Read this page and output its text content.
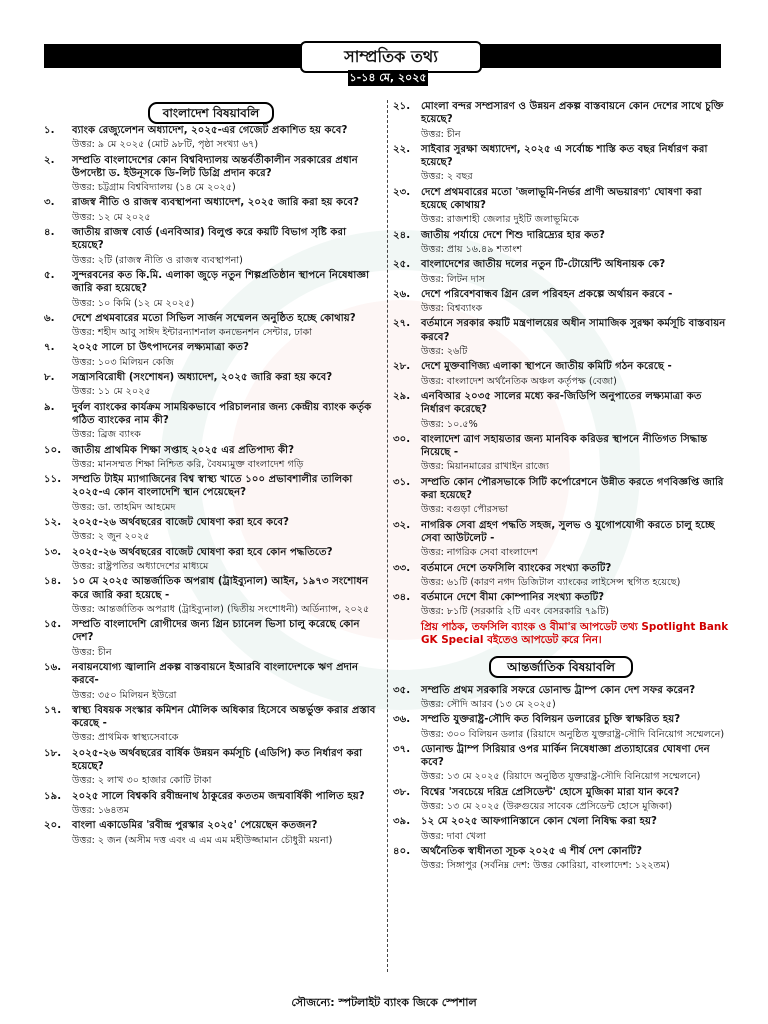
সাম্প্রতিক তথ্য
১-১৪ মে, ২০২৫
বাংলাদেশ বিষয়াবলি
১.	ব্যাংক রেজ্যুলেশন অধ্যাদেশ, ২০২৫-এর গেজেট প্রকাশিত হয় কবে?
উত্তর: ৯ মে ২০২৫ (মোট ৯৮টি, পৃষ্ঠা সংখ্যা ৬৭)
২.	সম্প্রতি বাংলাদেশের কোন বিশ্ববিদ্যালয় অন্তর্বর্তীকালীন সরকারের প্রধান উপদেষ্টা ড. ইউনূসকে ডি-লিট ডিগ্রি প্রদান করে?
উত্তর: চট্টগ্রাম বিশ্ববিদ্যালয় (১৪ মে ২০২৫)
৩.	রাজস্ব নীতি ও রাজস্ব ব্যবস্থাপনা অধ্যাদেশ, ২০২৫ জারি করা হয় কবে?
উত্তর: ১২ মে ২০২৫
৪.	জাতীয় রাজস্ব বোর্ড (এনবিআর) বিলুপ্ত করে কয়টি বিভাগ সৃষ্টি করা হয়েছে?
উত্তর: ২টি (রাজস্ব নীতি ও রাজস্ব ব্যবস্থাপনা)
৫.	সুন্দরবনের কত কি.মি. এলাকা জুড়ে নতুন শিল্পপ্রতিষ্ঠান স্থাপনে নিষেধাজ্ঞা জারি করা হয়েছে?
উত্তর: ১০ কিমি (১২ মে ২০২৫)
৬.	দেশে প্রথমবারের মতো সিভিল সার্জন সম্মেলন অনুষ্ঠিত হচ্ছে কোথায়?
উত্তর: শহীদ আবু সাঈদ ইন্টারন্যাশনাল কনভেনশন সেন্টার, ঢাকা
৭.	২০২৫ সালে চা উৎপাদনের লক্ষ্যমাত্রা কত?
উত্তর: ১০৩ মিলিয়ন কেজি
৮.	সন্ত্রাসবিরোধী (সংশোধন) অধ্যাদেশ, ২০২৫ জারি করা হয় কবে?
উত্তর: ১১ মে ২০২৫
৯.	দুর্বল ব্যাংকের কার্যক্রম সাময়িকভাবে পরিচালনার জন্য কেন্দ্রীয় ব্যাংক কর্তৃক গঠিত ব্যাংকের নাম কী?
উত্তর: ব্রিজ ব্যাংক
১০.	জাতীয় প্রাথমিক শিক্ষা সপ্তাহ ২০২৫ এর প্রতিপাদ্য কী?
উত্তর: মানসম্মত শিক্ষা নিশ্চিত করি, বৈষম্যমুক্ত বাংলাদেশ গড়ি
১১.	সম্প্রতি টাইম ম্যাগাজিনের বিশ্ব স্বাস্থ্য খাতে ১০০ প্রভাবশালীর তালিকা ২০২৫-এ কোন বাংলাদেশি স্থান পেয়েছেন?
উত্তর: ডা. তাহমিদ আহমেদ
১২.	২০২৫-২৬ অর্থবছরের বাজেট ঘোষণা করা হবে কবে?
উত্তর: ২ জুন ২০২৫
১৩.	২০২৫-২৬ অর্থবছরের বাজেট ঘোষণা করা হবে কোন পদ্ধতিতে?
উত্তর: রাষ্ট্রপতির অধ্যাদেশের মাধ্যমে
১৪.	১০ মে ২০২৫ আন্তর্জাতিক অপরাধ (ট্রাইব্যুনাল) আইন, ১৯৭৩ সংশোধন করে জারি করা হয়েছে -
উত্তর: আন্তর্জাতিক অপরাধ (ট্রাইব্যুনাল) (দ্বিতীয় সংশোধনী) অর্ডিন্যান্স, ২০২৫
১৫.	সম্প্রতি বাংলাদেশি রোগীদের জন্য গ্রিন চ্যানেল ভিসা চালু করেছে কোন দেশ?
উত্তর: চীন
১৬.	নবায়নযোগ্য জ্বালানি প্রকল্প বাস্তবায়নে ইআরবি বাংলাদেশকে ঋণ প্রদান করবে-
উত্তর: ৩৫০ মিলিয়ন ইউরো
১৭.	স্বাস্থ্য বিষয়ক সংস্কার কমিশন মৌলিক অধিকার হিসেবে অন্তর্ভুক্ত করার প্রস্তাব করেছে -
উত্তর: প্রাথমিক স্বাস্থ্যসেবাকে
১৮.	২০২৫-২৬ অর্থবছরের বার্ষিক উন্নয়ন কর্মসূচি (এডিপি) কত নির্ধারণ করা হয়েছে?
উত্তর: ২ লাখ ৩০ হাজার কোটি টাকা
১৯.	২০২৫ সালে বিশ্বকবি রবীন্দ্রনাথ ঠাকুরের কততম জন্মবার্ষিকী পালিত হয়?
উত্তর: ১৬৪তম
২০.	বাংলা একাডেমির 'রবীন্দ্র পুরস্কার ২০২৫' পেয়েছেন কতজন?
উত্তর: ২ জন (অসীম দত্ত এবং এ এম এম মহীউজ্জামান চৌধুরী ময়না)
২১.	মোংলা বন্দর সম্প্রসারণ ও উন্নয়ন প্রকল্প বাস্তবায়নে কোন দেশের সাথে চুক্তি হয়েছে?
উত্তর: চীন
২২.	সাইবার সুরক্ষা অধ্যাদেশ, ২০২৫ এ সর্বোচ্চ শাস্তি কত বছর নির্ধারণ করা হয়েছে?
উত্তর: ২ বছর
২৩.	দেশে প্রথমবারের মতো 'জলাভূমি-নির্ভর প্রাণী অভয়ারণ্য' ঘোষণা করা হয়েছে কোথায়?
উত্তর: রাজশাহী জেলার দুইটি জলাভূমিকে
২৪.	জাতীয় পর্যায়ে দেশে শিশু দারিদ্র্যের হার কত?
উত্তর: প্রায় ১৬.৪৯ শতাংশ
২৫.	বাংলাদেশের জাতীয় দলের নতুন টি-টোয়েন্টি অধিনায়ক কে?
উত্তর: লিটন দাস
২৬.	দেশে পরিবেশবান্ধব গ্রিন রেল পরিবহন প্রকল্পে অর্থায়ন করবে -
উত্তর: বিশ্বব্যাংক
২৭.	বর্তমানে সরকার কয়টি মন্ত্রণালয়ের অধীন সামাজিক সুরক্ষা কর্মসূচি বাস্তবায়ন করবে?
উত্তর: ২৬টি
২৮.	দেশে মুক্তবাণিজ্য এলাকা স্থাপনে জাতীয় কমিটি গঠন করেছে -
উত্তর: বাংলাদেশ অর্থনৈতিক অঞ্চল কর্তৃপক্ষ (বেজা)
২৯.	এনবিআর ২০৩৫ সালের মধ্যে কর-জিডিপি অনুপাতের লক্ষ্যমাত্রা কত নির্ধারণ করেছে?
উত্তর: ১০.৫%
৩০.	বাংলাদেশ ত্রাণ সহায়তার জন্য মানবিক করিডর স্থাপনে নীতিগত সিদ্ধান্ত নিয়েছে -
উত্তর: মিয়ানমারের রাখাইন রাজ্যে
৩১.	সম্প্রতি কোন পৌরসভাকে সিটি কর্পোরেশনে উন্নীত করতে গণবিজ্ঞপ্তি জারি করা হয়েছে?
উত্তর: বগুড়া পৌরসভা
৩২.	নাগরিক সেবা গ্রহণ পদ্ধতি সহজ, সুলভ ও যুগোপযোগী করতে চালু হচ্ছে সেবা আউটলেট -
উত্তর: নাগরিক সেবা বাংলাদেশ
৩৩.	বর্তমানে দেশে তফসিলি ব্যাংকের সংখ্যা কতটি?
উত্তর: ৬১টি (কারণ নগদ ডিজিটাল ব্যাংকের লাইসেন্স স্থগিত হয়েছে)
৩৪.	বর্তমানে দেশে বীমা কোম্পানির সংখ্যা কতটি?
উত্তর: ৮১টি (সরকারি ২টি এবং বেসরকারি ৭৯টি)
প্রিয় পাঠক, তফসিলি ব্যাংক ও বীমা'র আপডেট তথ্য Spotlight Bank GK Special বইতেও আপডেট করে নিন।
আন্তর্জাতিক বিষয়াবলি
৩৫.	সম্প্রতি প্রথম সরকারি সফরে ডোনাল্ড ট্রাম্প কোন দেশ সফর করেন?
উত্তর: সৌদি আরব (১৩ মে ২০২৫)
৩৬.	সম্প্রতি যুক্তরাষ্ট্র-সৌদি কত বিলিয়ন ডলারের চুক্তি স্বাক্ষরিত হয়?
উত্তর: ৩০০ বিলিয়ন ডলার (রিয়াদে অনুষ্ঠিত যুক্তরাষ্ট্র-সৌদি বিনিয়োগ সম্মেলনে)
৩৭.	ডোনাল্ড ট্রাম্প সিরিয়ার ওপর মার্কিন নিষেধাজ্ঞা প্রত্যাহারের ঘোষণা দেন কবে?
উত্তর: ১৩ মে ২০২৫ (রিয়াদে অনুষ্ঠিত যুক্তরাষ্ট্র-সৌদি বিনিয়োগ সম্মেলনে)
৩৮.	বিশ্বের 'সবচেয়ে দরিদ্র প্রেসিডেন্ট' হোসে মুজিকা মারা যান কবে?
উত্তর: ১৩ মে ২০২৫ (উরুগুয়ের সাবেক প্রেসিডেন্ট হোসে মুজিকা)
৩৯.	১২ মে ২০২৫ আফগানিস্তানে কোন খেলা নিষিদ্ধ করা হয়?
উত্তর: দাবা খেলা
৪০.	অর্থনৈতিক স্বাধীনতা সূচক ২০২৫ এ শীর্ষ দেশ কোনটি?
উত্তর: সিঙ্গাপুর (সর্বনিম্ন দেশ: উত্তর কোরিয়া, বাংলাদেশ: ১২২তম)
সৌজন্যে: স্পটলাইট ব্যাংক জিকে স্পেশাল
